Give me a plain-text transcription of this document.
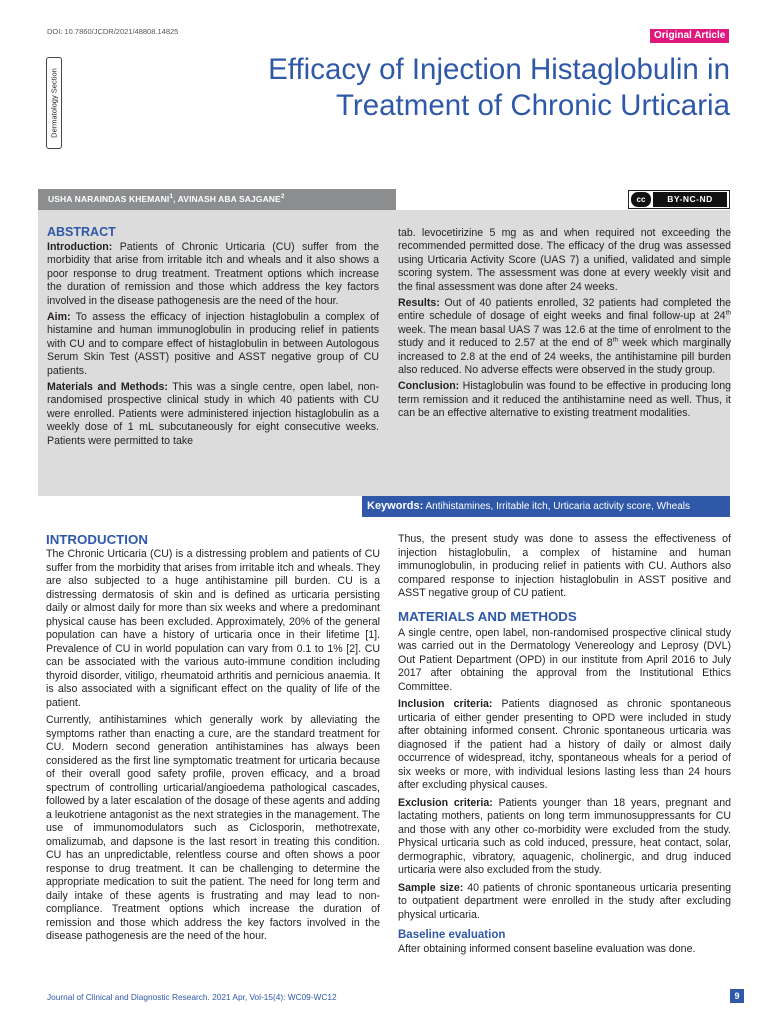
DOI: 10.7860/JCDR/2021/48808.14825	Original Article
Dermatology Section	Efficacy of Injection Histaglobulin in
Treatment of Chronic Urticaria
USHA NARAINDAS KHEMANI$^1$, AVINASH ABA SAJGANE$^2$	cc	BY-NC-ND
ABSTRACT

Introduction: Patients of Chronic Urticaria (CU) suffer from the morbidity that arise from irritable itch and wheals and it also shows a poor response to drug treatment. Treatment options which increase the duration of remission and those which address the key factors involved in the disease pathogenesis are the need of the hour.

Aim: To assess the efficacy of injection histaglobulin a complex of histamine and human immunoglobulin in producing relief in patients with CU and to compare effect of histaglobulin in between Autologous Serum Skin Test (ASST) positive and ASST negative group of CU patients.

Materials and Methods: This was a single centre, open label, non-randomised prospective clinical study in which 40 patients with CU were enrolled. Patients were administered injection histaglobulin as a weekly dose of 1 mL subcutaneously for eight consecutive weeks. Patients were permitted to take

tab. levocetirizine 5 mg as and when required not exceeding the recommended permitted dose. The efficacy of the drug was assessed using Urticaria Activity Score (UAS 7) a unified, validated and simple scoring system. The assessment was done at every weekly visit and the final assessment was done after 24 weeks.

Results: Out of 40 patients enrolled, 32 patients had completed the entire schedule of dosage of eight weeks and final follow-up at 24th week. The mean basal UAS 7 was 12.6 at the time of enrolment to the study and it reduced to 2.57 at the end of 8th week which marginally increased to 2.8 at the end of 24 weeks, the antihistamine pill burden also reduced. No adverse effects were observed in the study group.

Conclusion: Histaglobulin was found to be effective in producing long term remission and it reduced the antihistamine need as well. Thus, it can be an effective alternative to existing treatment modalities.

Keywords: Antihistamines, Irritable itch, Urticaria activity score, Wheals
INTRODUCTION

The Chronic Urticaria (CU) is a distressing problem and patients of CU suffer from the morbidity that arises from irritable itch and wheals. They are also subjected to a huge antihistamine pill burden. CU is a distressing dermatosis of skin and is defined as urticaria persisting daily or almost daily for more than six weeks and where a predominant physical cause has been excluded. Approximately, 20% of the general population can have a history of urticaria once in their lifetime [1]. Prevalence of CU in world population can vary from 0.1 to 1% [2]. CU can be associated with the various auto-immune condition including thyroid disorder, vitiligo, rheumatoid arthritis and pernicious anaemia. It is also associated with a significant effect on the quality of life of the patient.

Currently, antihistamines which generally work by alleviating the symptoms rather than enacting a cure, are the standard treatment for CU. Modern second generation antihistamines has always been considered as the first line symptomatic treatment for urticaria because of their overall good safety profile, proven efficacy, and a broad spectrum of controlling urticarial/angioedema pathological cascades, followed by a later escalation of the dosage of these agents and adding a leukotriene antagonist as the next strategies in the management. The use of immunomodulators such as Ciclosporin, methotrexate, omalizumab, and dapsone is the last resort in treating this condition. CU has an unpredictable, relentless course and often shows a poor response to drug treatment. It can be challenging to determine the appropriate medication to suit the patient. The need for long term and daily intake of these agents is frustrating and may lead to non-compliance. Treatment options which increase the duration of remission and those which address the key factors involved in the disease pathogenesis are the need of the hour.

Thus, the present study was done to assess the effectiveness of injection histaglobulin, a complex of histamine and human immunoglobulin, in producing relief in patients with CU. Authors also compared response to injection histaglobulin in ASST positive and ASST negative group of CU patient.

MATERIALS AND METHODS

A single centre, open label, non-randomised prospective clinical study was carried out in the Dermatology Venereology and Leprosy (DVL) Out Patient Department (OPD) in our institute from April 2016 to July 2017 after obtaining the approval from the Institutional Ethics Committee.

Inclusion criteria: Patients diagnosed as chronic spontaneous urticaria of either gender presenting to OPD were included in study after obtaining informed consent. Chronic spontaneous urticaria was diagnosed if the patient had a history of daily or almost daily occurrence of widespread, itchy, spontaneous wheals for a period of six weeks or more, with individual lesions lasting less than 24 hours after excluding physical causes.

Exclusion criteria: Patients younger than 18 years, pregnant and lactating mothers, patients on long term immunosuppressants for CU and those with any other co-morbidity were excluded from the study. Physical urticaria such as cold induced, pressure, heat contact, solar, dermographic, vibratory, aquagenic, cholinergic, and drug induced urticaria were also excluded from the study.

Sample size: 40 patients of chronic spontaneous urticaria presenting to outpatient department were enrolled in the study after excluding physical urticaria.

Baseline evaluation

After obtaining informed consent baseline evaluation was done.

Journal of Clinical and Diagnostic Research. 2021 Apr, Vol-15(4): WC09-WC12	9
